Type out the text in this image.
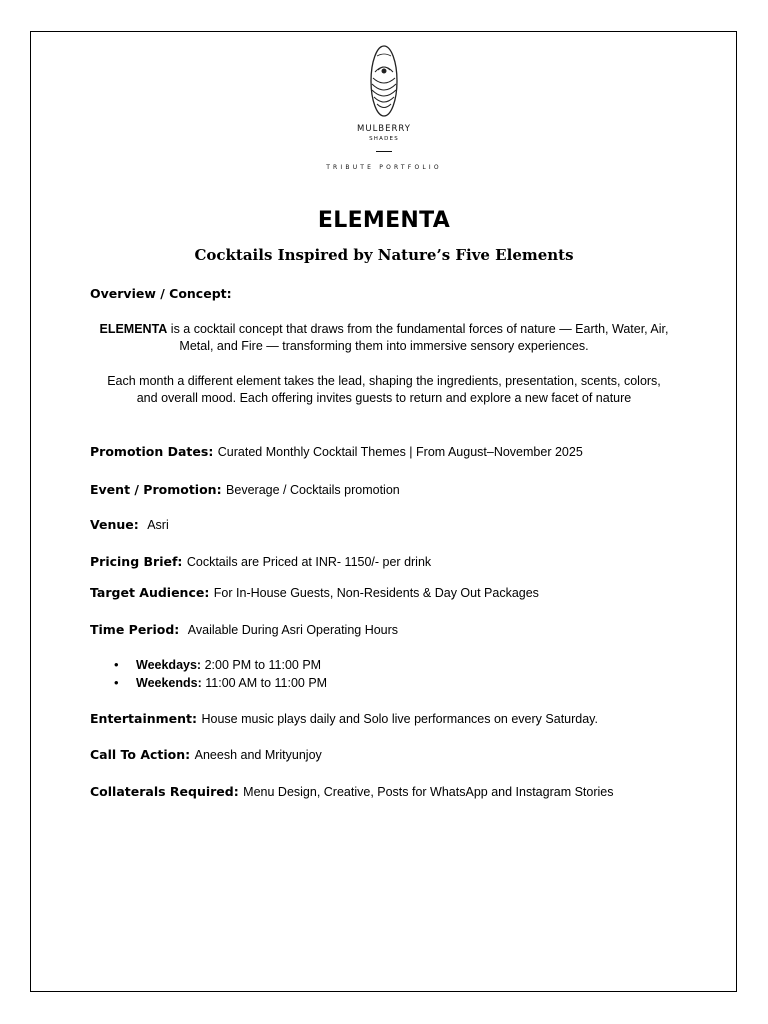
MULBERRY
SHADES
TRIBUTE PORTFOLIO
ELEMENTA
Cocktails Inspired by Nature’s Five Elements
Overview / Concept:
ELEMENTA is a cocktail concept that draws from the fundamental forces of nature — Earth, Water, Air,
Metal, and Fire — transforming them into immersive sensory experiences.
Each month a different element takes the lead, shaping the ingredients, presentation, scents, colors,
and overall mood. Each offering invites guests to return and explore a new facet of nature
Promotion Dates: Curated Monthly Cocktail Themes | From August–November 2025
Event / Promotion: Beverage / Cocktails promotion
Venue: Asri
Pricing Brief: Cocktails are Priced at INR- 1150/- per drink
Target Audience: For In-House Guests, Non-Residents & Day Out Packages
Time Period: Available During Asri Operating Hours
• Weekdays: 2:00 PM to 11:00 PM
• Weekends: 11:00 AM to 11:00 PM
Entertainment: House music plays daily and Solo live performances on every Saturday.
Call To Action: Aneesh and Mrityunjoy
Collaterals Required: Menu Design, Creative, Posts for WhatsApp and Instagram Stories
